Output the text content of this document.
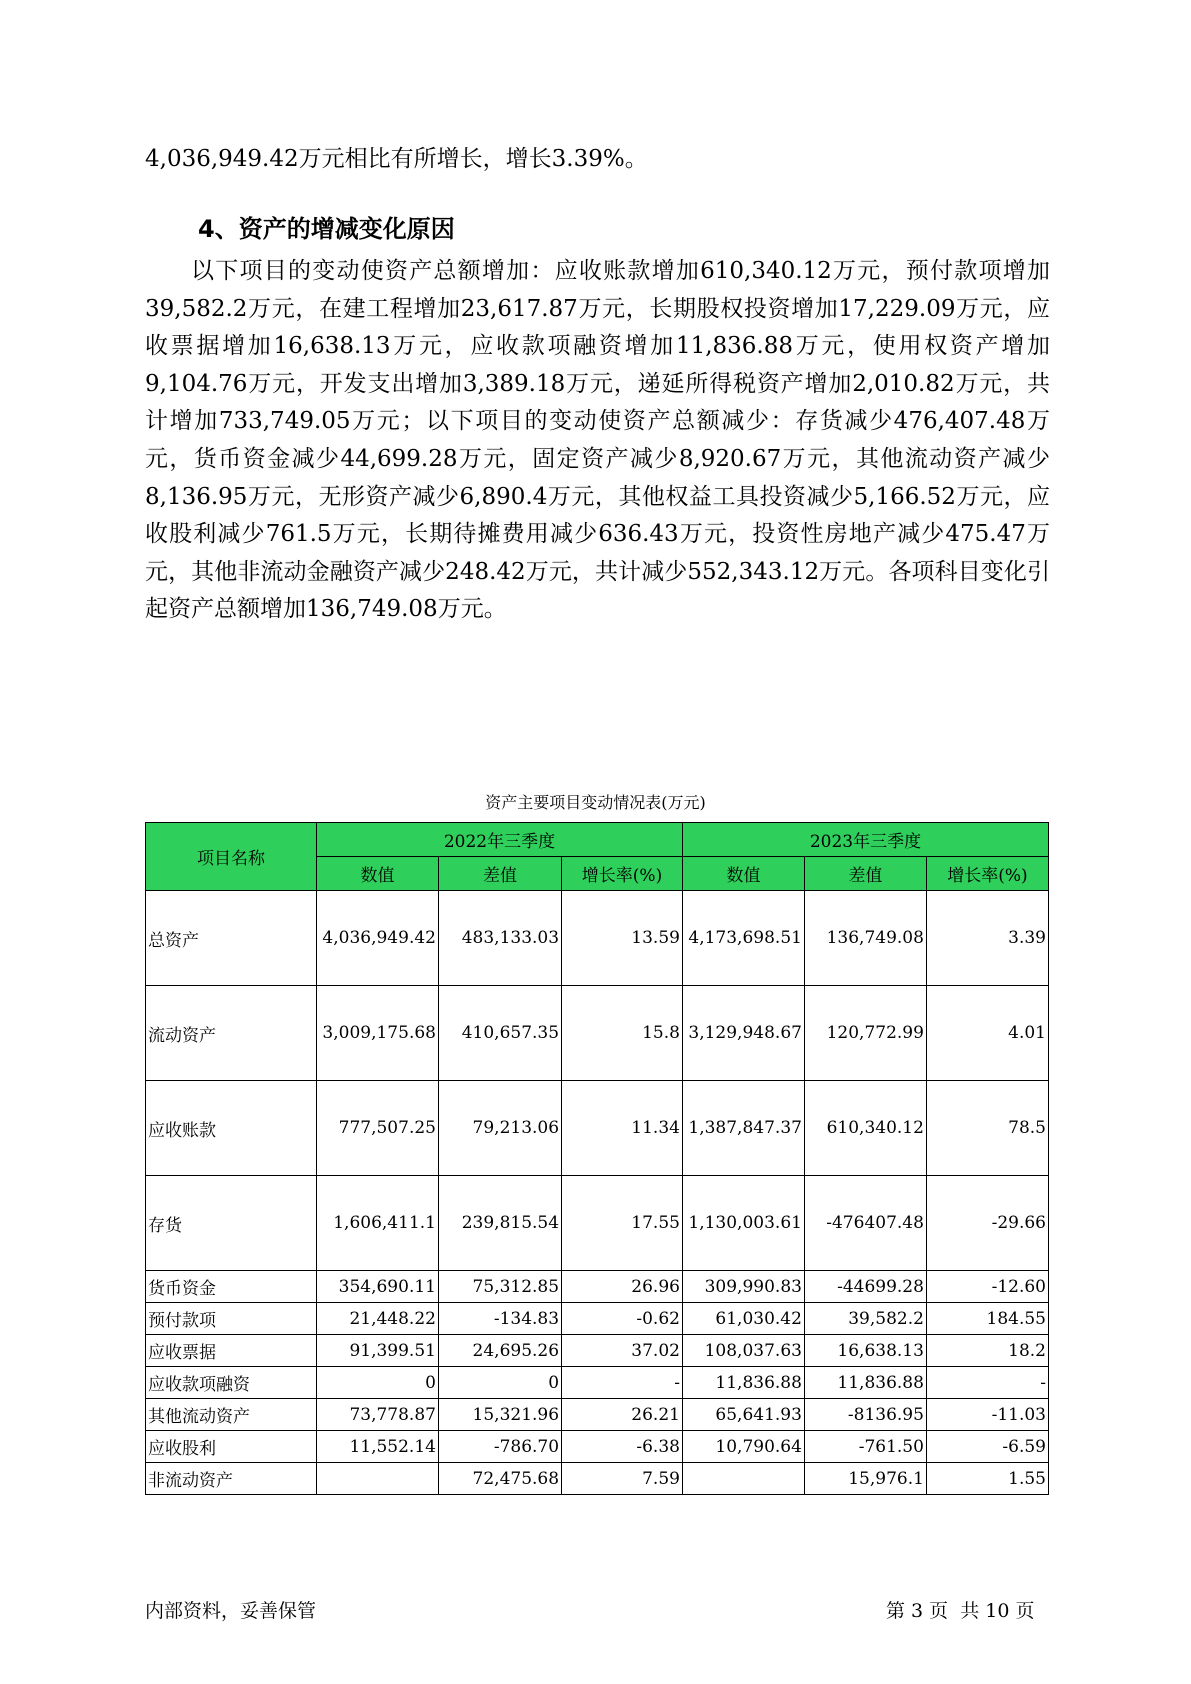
4,036,949.42万元相比有所增长，增长3.39%。

4、资产的增减变化原因

以下项目的变动使资产总额增加：应收账款增加610,340.12万元，预付款项增加39,582.2万元，在建工程增加23,617.87万元，长期股权投资增加17,229.09万元，应收票据增加16,638.13万元，应收款项融资增加11,836.88万元，使用权资产增加9,104.76万元，开发支出增加3,389.18万元，递延所得税资产增加2,010.82万元，共计增加733,749.05万元；以下项目的变动使资产总额减少：存货减少476,407.48万元，货币资金减少44,699.28万元，固定资产减少8,920.67万元，其他流动资产减少8,136.95万元，无形资产减少6,890.4万元，其他权益工具投资减少5,166.52万元，应收股利减少761.5万元，长期待摊费用减少636.43万元，投资性房地产减少475.47万元，其他非流动金融资产减少248.42万元，共计减少552,343.12万元。各项科目变化引起资产总额增加136,749.08万元。

资产主要项目变动情况表(万元)
项目名称	2022年三季度			2023年三季度		
	数值	差值	增长率(%)	数值	差值	增长率(%)
总资产	4,036,949.42	483,133.03	13.59	4,173,698.51	136,749.08	3.39
流动资产	3,009,175.68	410,657.35	15.8	3,129,948.67	120,772.99	4.01
应收账款	777,507.25	79,213.06	11.34	1,387,847.37	610,340.12	78.5
存货	1,606,411.1	239,815.54	17.55	1,130,003.61	-476407.48	-29.66
货币资金	354,690.11	75,312.85	26.96	309,990.83	-44699.28	-12.60
预付款项	21,448.22	-134.83	-0.62	61,030.42	39,582.2	184.55
应收票据	91,399.51	24,695.26	37.02	108,037.63	16,638.13	18.2
应收款项融资	0	0	-	11,836.88	11,836.88	-
其他流动资产	73,778.87	15,321.96	26.21	65,641.93	-8136.95	-11.03
应收股利	11,552.14	-786.70	-6.38	10,790.64	-761.50	-6.59
非流动资产		72,475.68	7.59		15,976.1	1.55
内部资料，妥善保管	第 3 页  共 10 页
